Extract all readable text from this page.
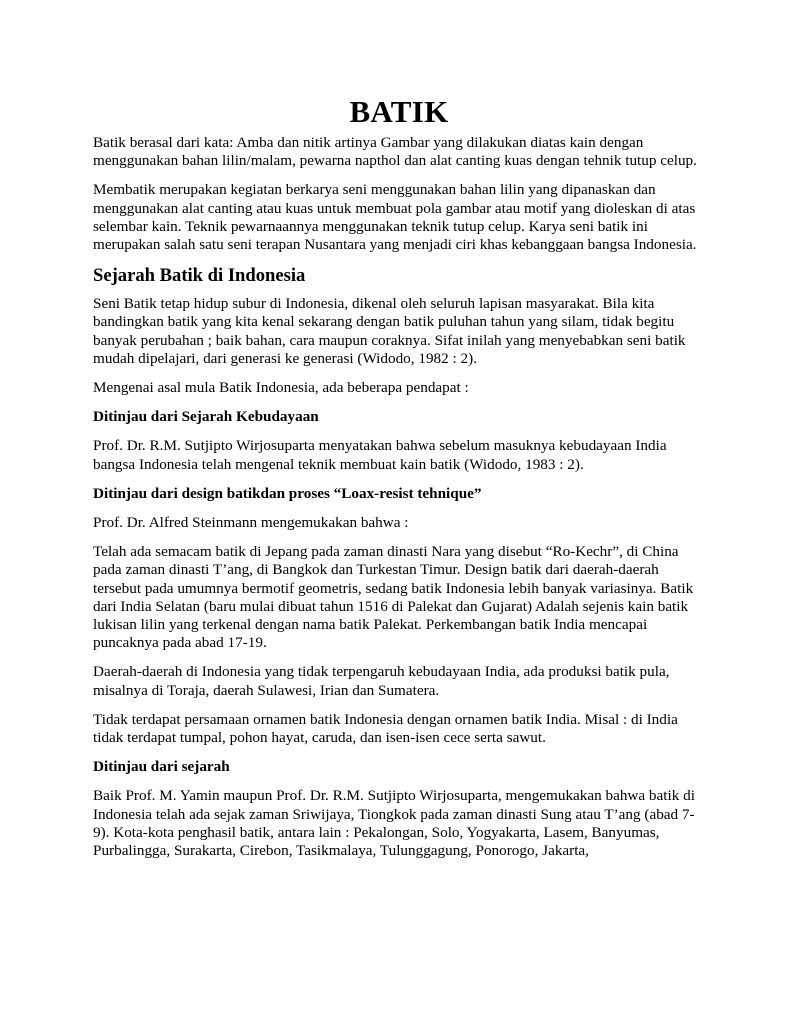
BATIK

Batik berasal dari kata: Amba dan nitik artinya Gambar yang dilakukan diatas kain dengan menggunakan bahan lilin/malam, pewarna napthol dan alat canting kuas dengan tehnik tutup celup.

Membatik merupakan kegiatan berkarya seni menggunakan bahan lilin yang dipanaskan dan menggunakan alat canting atau kuas untuk membuat pola gambar atau motif yang dioleskan di atas selembar kain. Teknik pewarnaannya menggunakan teknik tutup celup. Karya seni batik ini merupakan salah satu seni terapan Nusantara yang menjadi ciri khas kebanggaan bangsa Indonesia.

Sejarah Batik di Indonesia

Seni Batik tetap hidup subur di Indonesia, dikenal oleh seluruh lapisan masyarakat. Bila kita bandingkan batik yang kita kenal sekarang dengan batik puluhan tahun yang silam, tidak begitu banyak perubahan ; baik bahan, cara maupun coraknya. Sifat inilah yang menyebabkan seni batik mudah dipelajari, dari generasi ke generasi (Widodo, 1982 : 2).

Mengenai asal mula Batik Indonesia, ada beberapa pendapat :

Ditinjau dari Sejarah Kebudayaan

Prof. Dr. R.M. Sutjipto Wirjosuparta menyatakan bahwa sebelum masuknya kebudayaan India bangsa Indonesia telah mengenal teknik membuat kain batik (Widodo, 1983 : 2).

Ditinjau dari design batikdan proses “Loax-resist tehnique”

Prof. Dr. Alfred Steinmann mengemukakan bahwa :

Telah ada semacam batik di Jepang pada zaman dinasti Nara yang disebut “Ro-Kechr”, di China pada zaman dinasti T’ang, di Bangkok dan Turkestan Timur. Design batik dari daerah-daerah tersebut pada umumnya bermotif geometris, sedang batik Indonesia lebih banyak variasinya. Batik dari India Selatan (baru mulai dibuat tahun 1516 di Palekat dan Gujarat) Adalah sejenis kain batik lukisan lilin yang terkenal dengan nama batik Palekat. Perkembangan batik India mencapai puncaknya pada abad 17-19.

Daerah-daerah di Indonesia yang tidak terpengaruh kebudayaan India, ada produksi batik pula, misalnya di Toraja, daerah Sulawesi, Irian dan Sumatera.

Tidak terdapat persamaan ornamen batik Indonesia dengan ornamen batik India. Misal : di India tidak terdapat tumpal, pohon hayat, caruda, dan isen-isen cece serta sawut.

Ditinjau dari sejarah

Baik Prof. M. Yamin maupun Prof. Dr. R.M. Sutjipto Wirjosuparta, mengemukakan bahwa batik di Indonesia telah ada sejak zaman Sriwijaya, Tiongkok pada zaman dinasti Sung atau T’ang (abad 7-9). Kota-kota penghasil batik, antara lain : Pekalongan, Solo, Yogyakarta, Lasem, Banyumas, Purbalingga, Surakarta, Cirebon, Tasikmalaya, Tulunggagung, Ponorogo, Jakarta,
